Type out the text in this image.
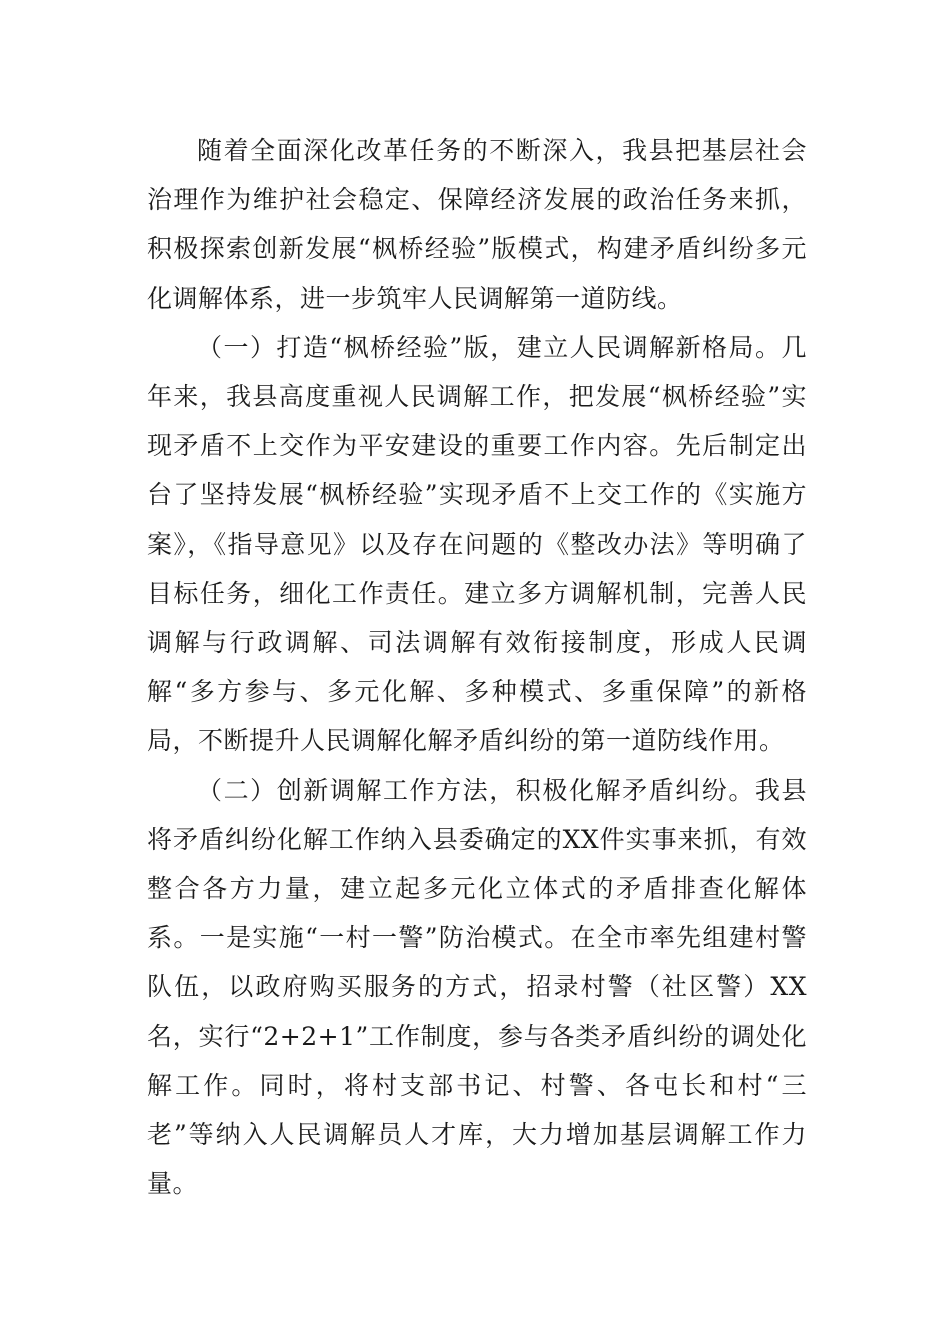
随着全面深化改革任务的不断深入，我县把基层社会治理作为维护社会稳定、保障经济发展的政治任务来抓，积极探索创新发展“枫桥经验”版模式，构建矛盾纠纷多元化调解体系，进一步筑牢人民调解第一道防线。

（一）打造“枫桥经验”版，建立人民调解新格局。几年来，我县高度重视人民调解工作，把发展“枫桥经验”实现矛盾不上交作为平安建设的重要工作内容。先后制定出台了坚持发展“枫桥经验”实现矛盾不上交工作的《实施方案》，《指导意见》以及存在问题的《整改办法》等明确了目标任务，细化工作责任。建立多方调解机制，完善人民调解与行政调解、司法调解有效衔接制度，形成人民调解“多方参与、多元化解、多种模式、多重保障”的新格局，不断提升人民调解化解矛盾纠纷的第一道防线作用。

（二）创新调解工作方法，积极化解矛盾纠纷。我县将矛盾纠纷化解工作纳入县委确定的XX件实事来抓，有效整合各方力量，建立起多元化立体式的矛盾排查化解体系。一是实施“一村一警”防治模式。在全市率先组建村警队伍，以政府购买服务的方式，招录村警（社区警）XX名，实行“2+2+1”工作制度，参与各类矛盾纠纷的调处化解工作。同时，将村支部书记、村警、各屯长和村“三老”等纳入人民调解员人才库，大力增加基层调解工作力量。
